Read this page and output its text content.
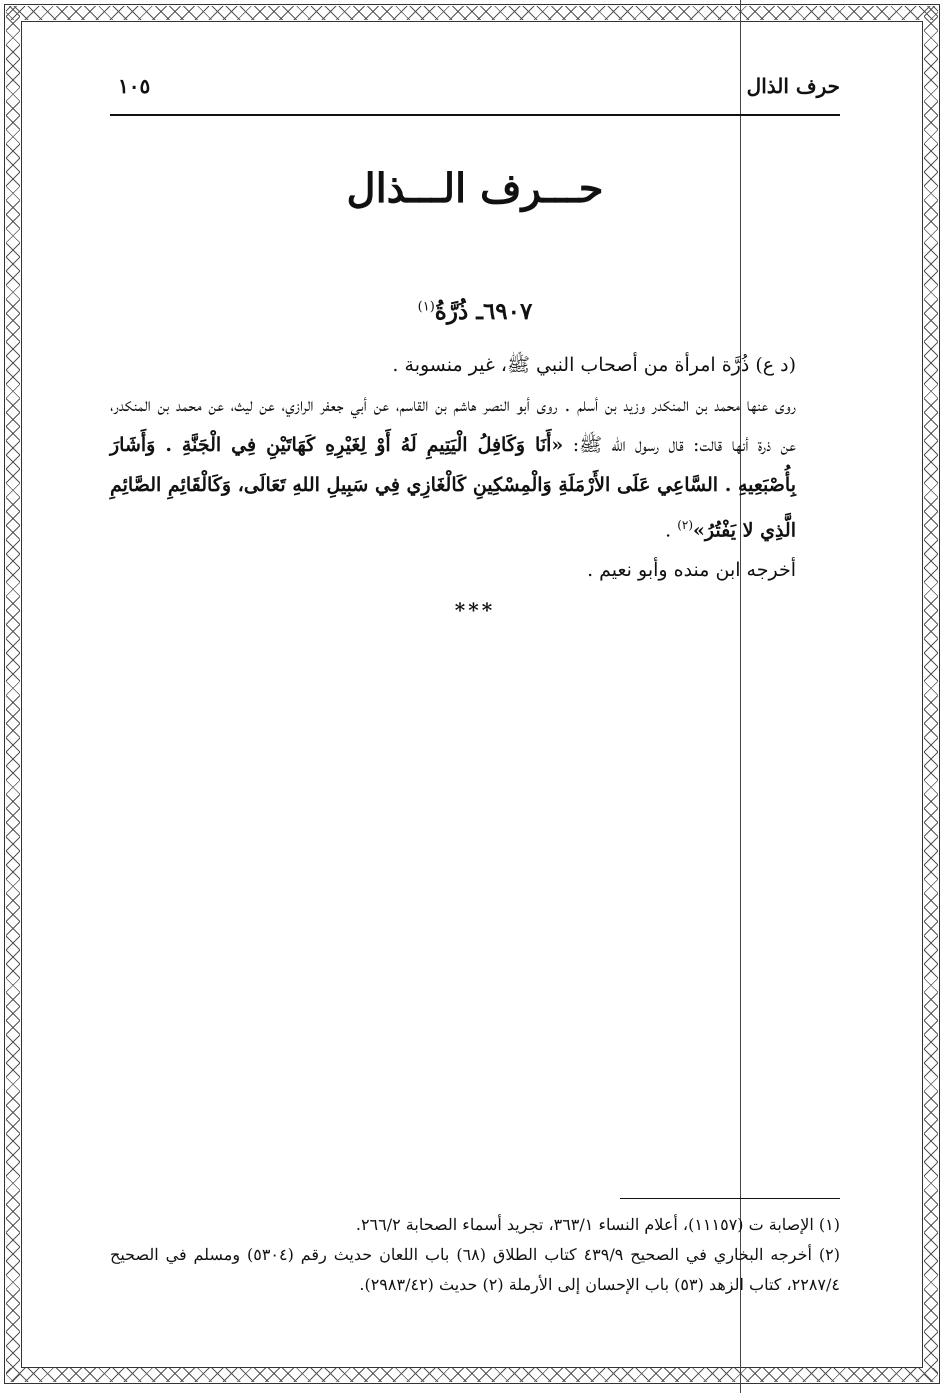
حرف الذال
١٠٥
حـــرف الـــذال
٦٩٠٧ـ ذُرَّةُ$^{(١)}$

(د ع) ذُرَّة امرأة من أصحاب النبي ﷺ، غير منسوبة .

روى عنها محمد بن المنكدر وزيد بن أسلم . روى أبو النصر هاشم بن القاسم، عن أبي جعفر الرازي، عن ليث، عن محمد بن المنكدر، عن ذرة أنها قالت: قال رسول الله ﷺ: «أَنَا وَكَافِلُ الْيَتِيمِ لَهُ أَوْ لِغَيْرِهِ كَهَاتَيْنِ فِي الْجَنَّةِ . وَأَشَارَ بِأُصْبَعِيهِ . السَّاعِي عَلَى الأَرْمَلَةِ وَالْمِسْكِينِ كَالْغَازِي فِي سَبِيلِ اللهِ تَعَالَى، وَكَالْقَائِمِ الصَّائِمِ الَّذِي لا يَفْتُرُ»$^{(٢)}$ .

أخرجه ابن منده وأبو نعيم .

***

(١) الإصابة ت (١١١٥٧)، أعلام النساء ٣٦٣/١، تجريد أسماء الصحابة ٢٦٦/٢.

(٢) أخرجه البخاري في الصحيح ٤٣٩/٩ كتاب الطلاق (٦٨) باب اللعان حديث رقم (٥٣٠٤) ومسلم في الصحيح ٢٢٨٧/٤، كتاب الزهد (٥٣) باب الإحسان إلى الأرملة (٢) حديث (٢٩٨٣/٤٢).
